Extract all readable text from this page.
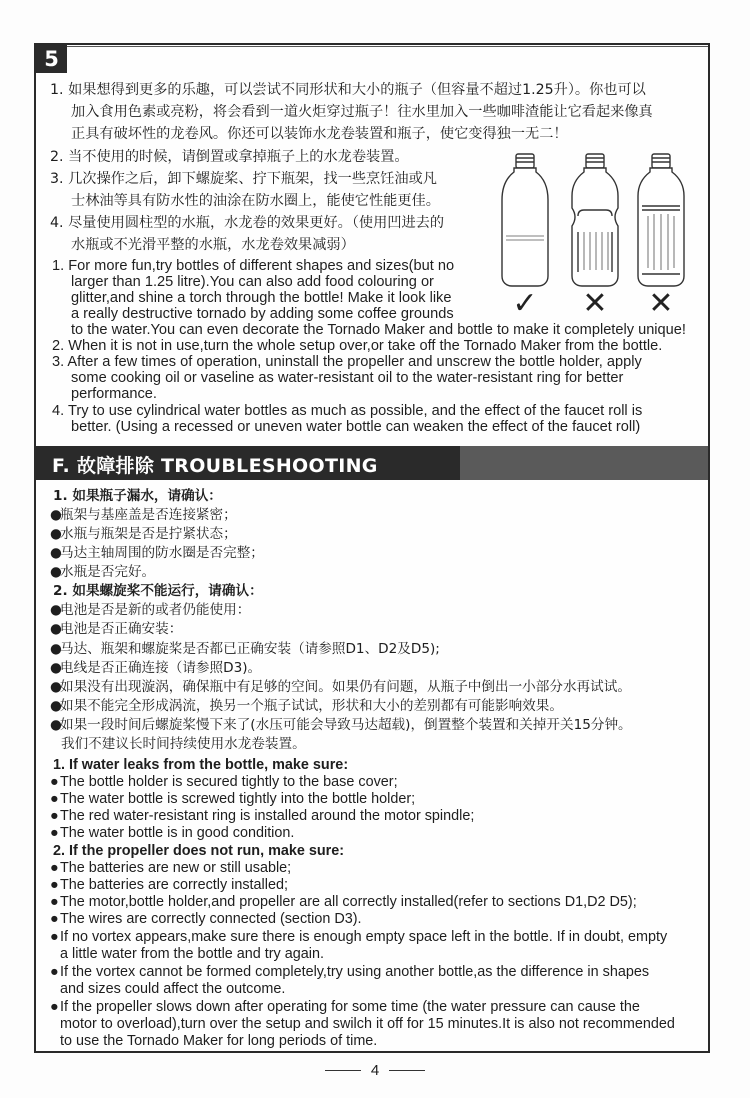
5
1. 如果想得到更多的乐趣，可以尝试不同形状和大小的瓶子（但容量不超过1.25升）。你也可以
加入食用色素或亮粉，将会看到一道火炬穿过瓶子！往水里加入一些咖啡渣能让它看起来像真
正具有破坏性的龙卷风。你还可以装饰水龙卷装置和瓶子，使它变得独一无二！
2. 当不使用的时候，请倒置或拿掉瓶子上的水龙卷装置。
3. 几次操作之后，卸下螺旋桨、拧下瓶架，找一些烹饪油或凡
士林油等具有防水性的油涂在防水圈上，能使它性能更佳。
4. 尽量使用圆柱型的水瓶，水龙卷的效果更好。（使用凹进去的
水瓶或不光滑平整的水瓶，水龙卷效果减弱）
1. For more fun,try bottles of different shapes and sizes(but no
larger than 1.25 litre).You can also add food colouring or
glitter,and shine a torch through the bottle! Make it look like
a really destructive tornado by adding some coffee grounds
to the water.You can even decorate the Tornado Maker and bottle to make it completely unique!
2. When it is not in use,turn the whole setup over,or take off the Tornado Maker from the bottle.
3. After a few times of operation, uninstall the propeller and unscrew the bottle holder, apply
some cooking oil or vaseline as water-resistant oil to the water-resistant ring for better
performance.
4. Try to use cylindrical water bottles as much as possible, and the effect of the faucet roll is
better. (Using a recessed or uneven water bottle can weaken the effect of the faucet roll)
✓ ✕ ✕
F. 故障排除 TROUBLESHOOTING
1. 如果瓶子漏水，请确认：
●瓶架与基座盖是否连接紧密；
●水瓶与瓶架是否是拧紧状态；
●马达主轴周围的防水圈是否完整；
●水瓶是否完好。
2. 如果螺旋桨不能运行，请确认：
●电池是否是新的或者仍能使用：
●电池是否正确安装：
●马达、瓶架和螺旋桨是否都已正确安装（请参照D1、D2及D5);
●电线是否正确连接（请参照D3)。
●如果没有出现漩涡，确保瓶中有足够的空间。如果仍有问题，从瓶子中倒出一小部分水再试试。
●如果不能完全形成涡流，换另一个瓶子试试，形状和大小的差别都有可能影响效果。
●如果一段时间后螺旋桨慢下来了(水压可能会导致马达超载)，倒置整个装置和关掉开关15分钟。
我们不建议长时间持续使用水龙卷装置。
1. If water leaks from the bottle, make sure:
●The bottle holder is secured tightly to the base cover;
●The water bottle is screwed tightly into the bottle holder;
●The red water-resistant ring is installed around the motor spindle;
●The water bottle is in good condition.
2. If the propeller does not run, make sure:
●The batteries are new or still usable;
●The batteries are correctly installed;
●The motor,bottle holder,and propeller are all correctly installed(refer to sections D1,D2 D5);
●The wires are correctly connected (section D3).
●If no vortex appears,make sure there is enough empty space left in the bottle. If in doubt, empty
a little water from the bottle and try again.
●If the vortex cannot be formed completely,try using another bottle,as the difference in shapes
and sizes could affect the outcome.
●If the propeller slows down after operating for some time (the water pressure can cause the
motor to overload),turn over the setup and swilch it off for 15 minutes.It is also not recommended
to use the Tornado Maker for long periods of time.
4
